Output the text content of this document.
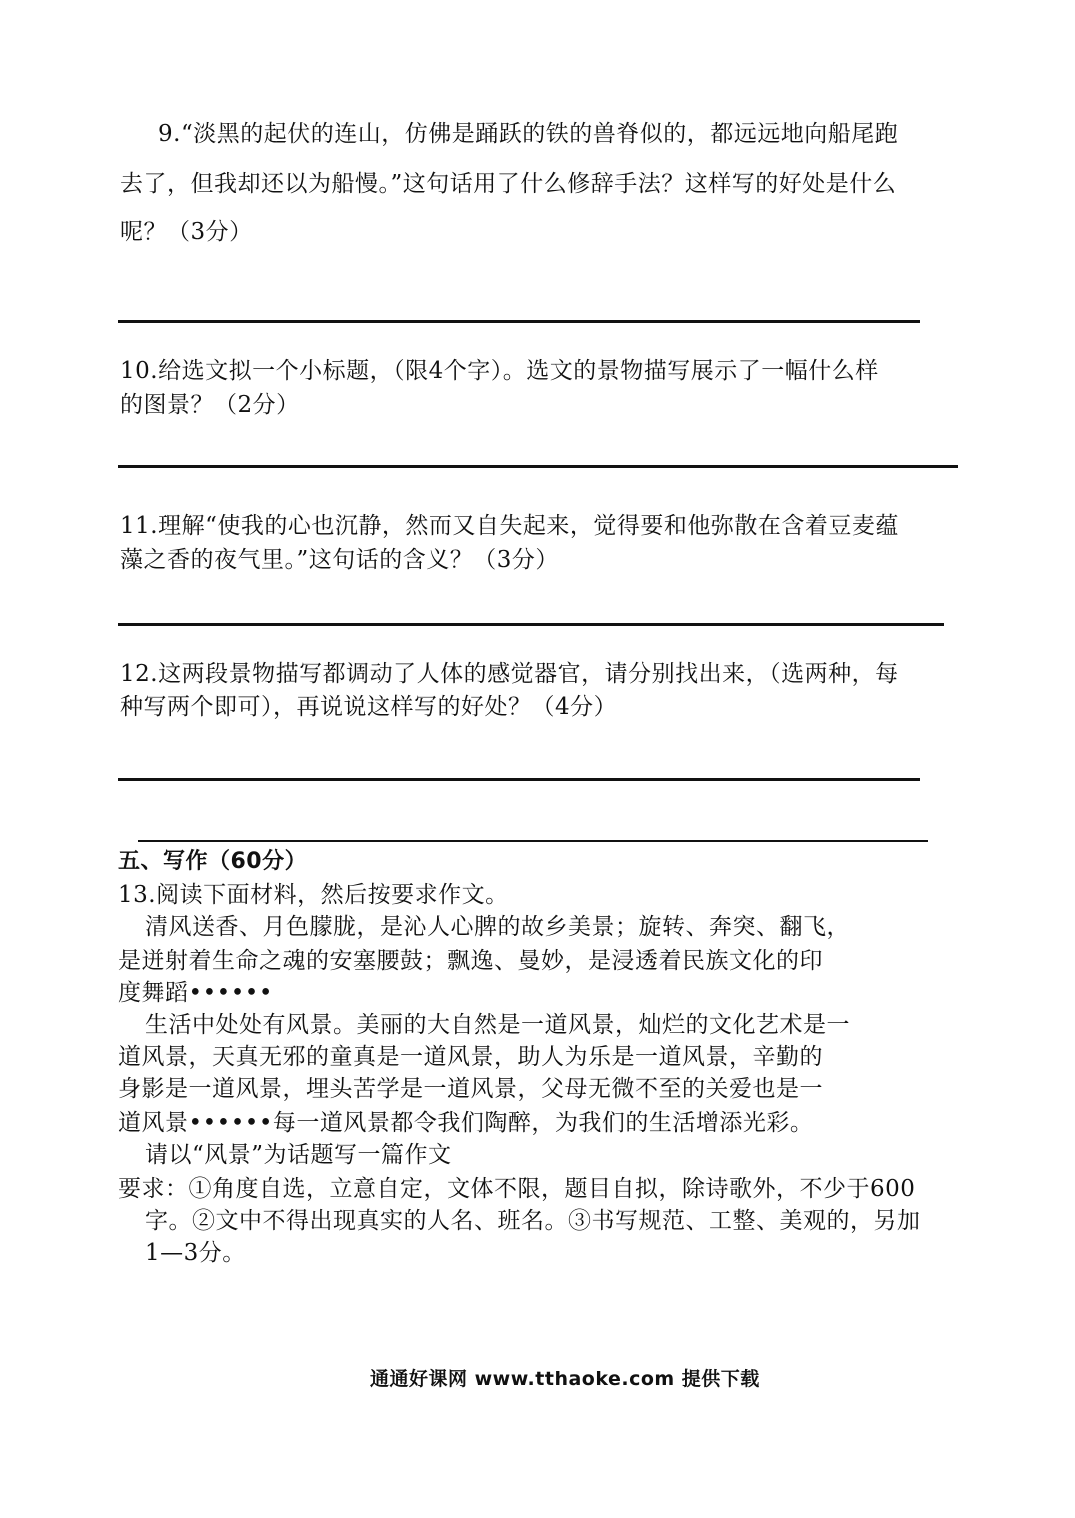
9.“淡黑的起伏的连山，仿佛是踊跃的铁的兽脊似的，都远远地向船尾跑
去了，但我却还以为船慢。”这句话用了什么修辞手法？这样写的好处是什么
呢？（3分）
10.给选文拟一个小标题，（限4个字）。选文的景物描写展示了一幅什么样
的图景？（2分）
11.理解“使我的心也沉静，然而又自失起来，觉得要和他弥散在含着豆麦蕴
藻之香的夜气里。”这句话的含义？（3分）
12.这两段景物描写都调动了人体的感觉器官，请分别找出来，（选两种，每
种写两个即可），再说说这样写的好处？（4分）
五、写作（60分）
13.阅读下面材料，然后按要求作文。
清风送香、月色朦胧，是沁人心脾的故乡美景；旋转、奔突、翻飞，
是迸射着生命之魂的安塞腰鼓；飘逸、曼妙，是浸透着民族文化的印
度舞蹈••••••
生活中处处有风景。美丽的大自然是一道风景，灿烂的文化艺术是一
道风景，天真无邪的童真是一道风景，助人为乐是一道风景，辛勤的
身影是一道风景，埋头苦学是一道风景，父母无微不至的关爱也是一
道风景••••••每一道风景都令我们陶醉，为我们的生活增添光彩。
请以“风景”为话题写一篇作文
要求：①角度自选，立意自定，文体不限，题目自拟，除诗歌外，不少于600
字。②文中不得出现真实的人名、班名。③书写规范、工整、美观的，另加
1—3分。
通通好课网 www.tthaoke.com 提供下载
